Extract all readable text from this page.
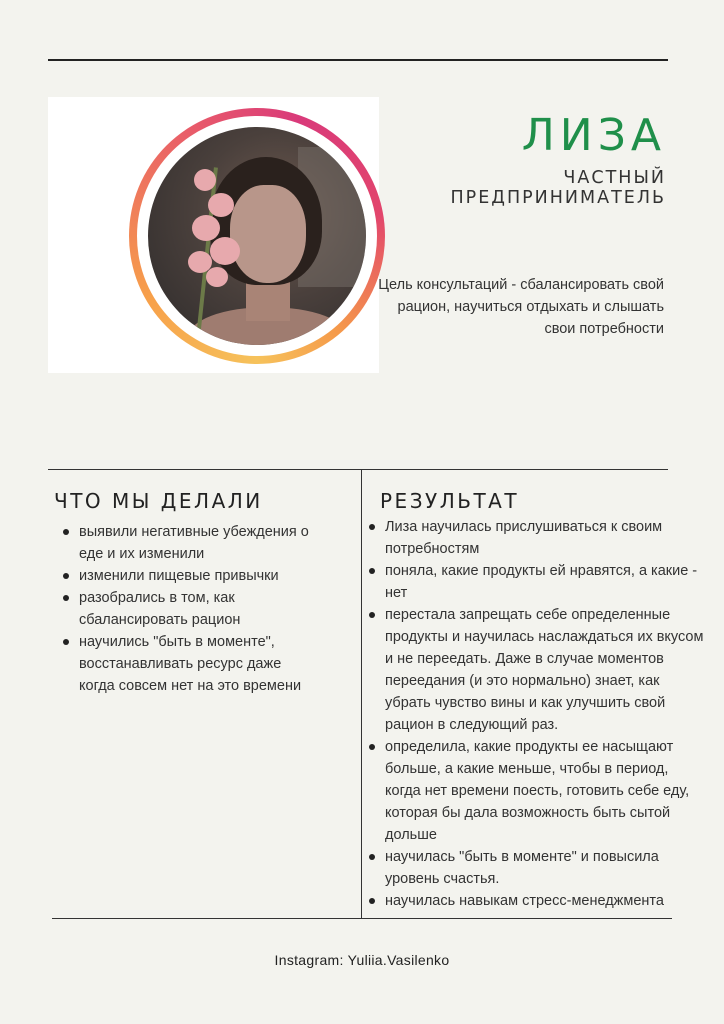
ЛИЗА
ЧАСТНЫЙ ПРЕДПРИНИМАТЕЛЬ
Цель консультаций - сбалансировать свой рацион, научиться отдыхать и слышать свои потребности
ЧТО МЫ ДЕЛАЛИ
выявили негативные убеждения о еде и их изменили
изменили пищевые привычки
разобрались в том, как сбалансировать рацион
научились "быть в моменте", восстанавливать ресурс даже когда совсем нет на это времени
РЕЗУЛЬТАТ
Лиза научилась прислушиваться к своим потребностям
поняла, какие продукты ей нравятся, а какие - нет
перестала запрещать себе определенные продукты и научилась наслаждаться их вкусом и не переедать. Даже в случае моментов переедания (и это нормально) знает, как убрать чувство вины и как улучшить свой рацион в следующий раз.
определила, какие продукты ее насыщают больше, а какие меньше, чтобы в период, когда нет времени поесть, готовить себе еду, которая бы дала возможность быть сытой дольше
научилась "быть в моменте" и повысила уровень счастья.
научилась навыкам стресс-менеджмента
Instagram: Yuliia.Vasilenko
